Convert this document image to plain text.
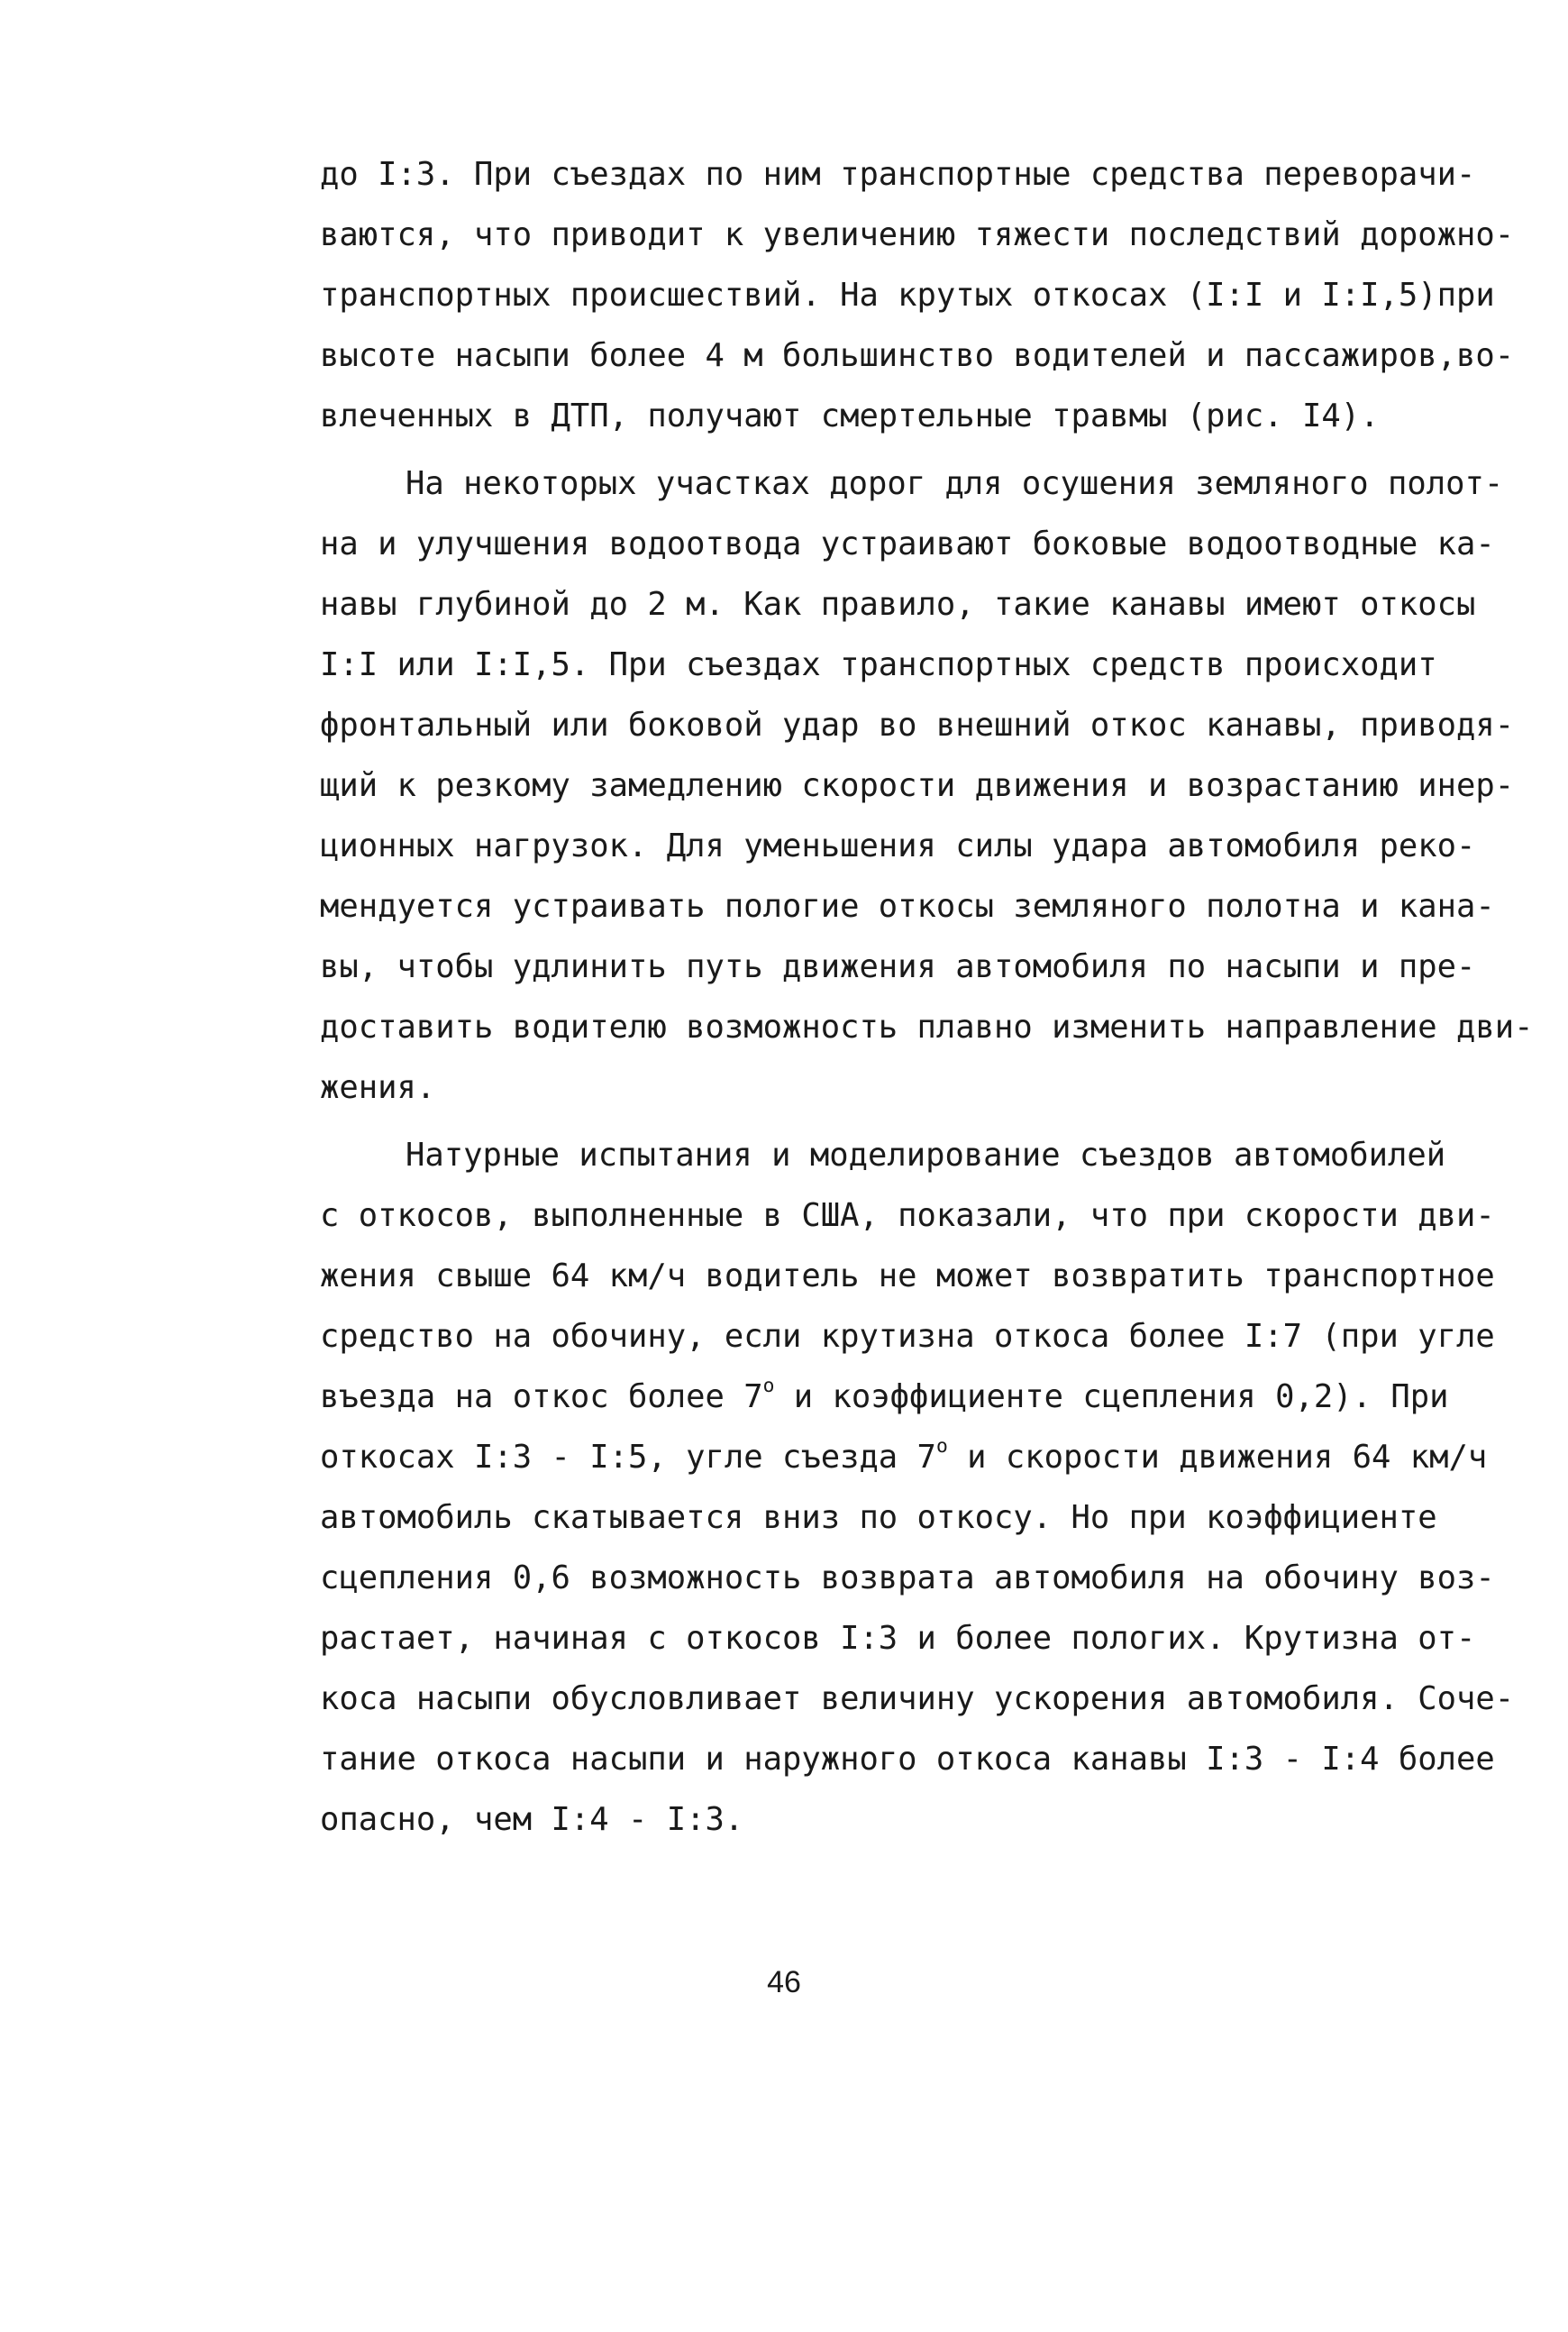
до I:3. При съездах по ним транспортные средства переворачи-
ваются, что приводит к увеличению тяжести последствий дорожно-
транспортных происшествий. На крутых откосах (I:I и I:I,5)при
высоте насыпи более 4 м большинство водителей и пассажиров,во-
влеченных в ДТП, получают смертельные травмы (рис. I4).
На некоторых участках дорог для осушения земляного полот-
на и улучшения водоотвода устраивают боковые водоотводные ка-
навы глубиной до 2 м. Как правило, такие канавы имеют откосы
I:I или I:I,5. При съездах транспортных средств происходит
фронтальный или боковой удар во внешний откос канавы, приводя-
щий к резкому замедлению скорости движения и возрастанию инер-
ционных нагрузок. Для уменьшения силы удара автомобиля реко-
мендуется устраивать пологие откосы земляного полотна и кана-
вы, чтобы удлинить путь движения автомобиля по насыпи и пре-
доставить водителю возможность плавно изменить направление дви-
жения.
Натурные испытания и моделирование съездов автомобилей
с откосов, выполненные в США, показали, что при скорости дви-
жения свыше 64 км/ч водитель не может возвратить транспортное
средство на обочину, если крутизна откоса более I:7 (при угле
въезда на откос более $7^о$ и коэффициенте сцепления 0,2). При
откосах I:3 - I:5, угле съезда $7^о$ и скорости движения 64 км/ч
автомобиль скатывается вниз по откосу. Но при коэффициенте
сцепления 0,6 возможность возврата автомобиля на обочину воз-
растает, начиная с откосов I:3 и более пологих. Крутизна от-
коса насыпи обусловливает величину ускорения автомобиля. Соче-
тание откоса насыпи и наружного откоса канавы I:3 - I:4 более
опасно, чем I:4 - I:3.
46
